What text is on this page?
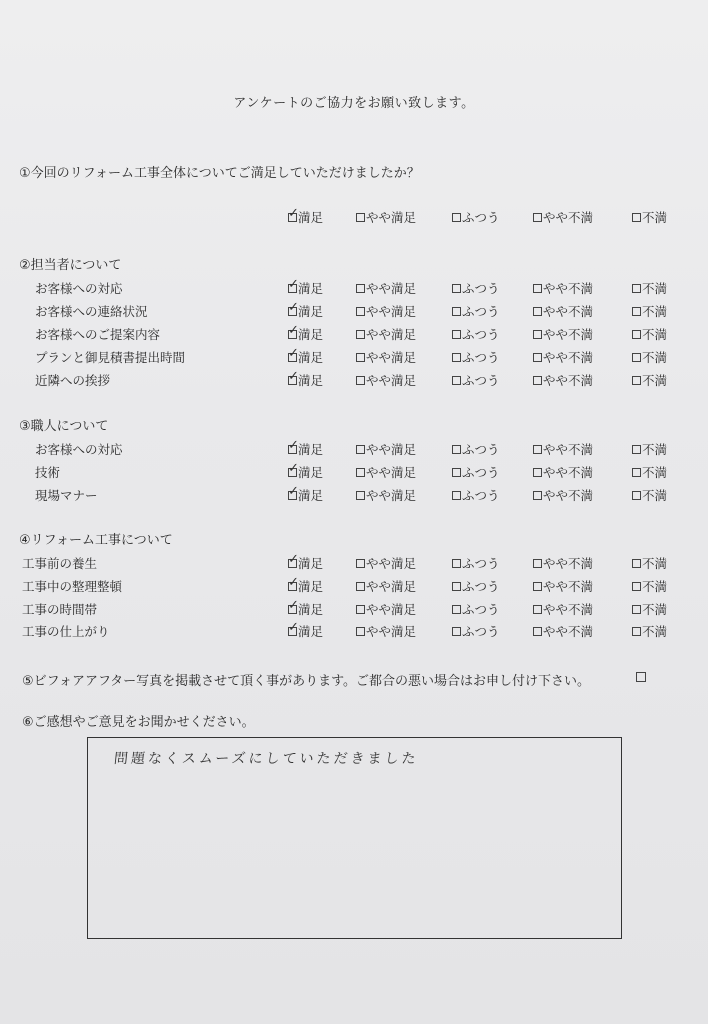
アンケートのご協力をお願い致します。
①今回のリフォーム工事全体についてご満足していただけましたか？
✓ 満足	やや満足	ふつう	やや不満	不満
②担当者について
お客様への対応	✓ 満足	やや満足	ふつう	やや不満	不満
お客様への連絡状況	✓ 満足	やや満足	ふつう	やや不満	不満
お客様へのご提案内容	✓ 満足	やや満足	ふつう	やや不満	不満
プランと御見積書提出時間	✓ 満足	やや満足	ふつう	やや不満	不満
近隣への挨拶	✓ 満足	やや満足	ふつう	やや不満	不満
③職人について
お客様への対応	✓ 満足	やや満足	ふつう	やや不満	不満
技術	✓ 満足	やや満足	ふつう	やや不満	不満
現場マナー	✓ 満足	やや満足	ふつう	やや不満	不満
④リフォーム工事について
工事前の養生	✓ 満足	やや満足	ふつう	やや不満	不満
工事中の整理整頓	✓ 満足	やや満足	ふつう	やや不満	不満
工事の時間帯	✓ 満足	やや満足	ふつう	やや不満	不満
工事の仕上がり	✓ 満足	やや満足	ふつう	やや不満	不満
⑤ビフォアアフター写真を掲載させて頂く事があります。ご都合の悪い場合はお申し付け下さい。
⑥ご感想やご意見をお聞かせください。
問題なくスムーズにしていただきました
